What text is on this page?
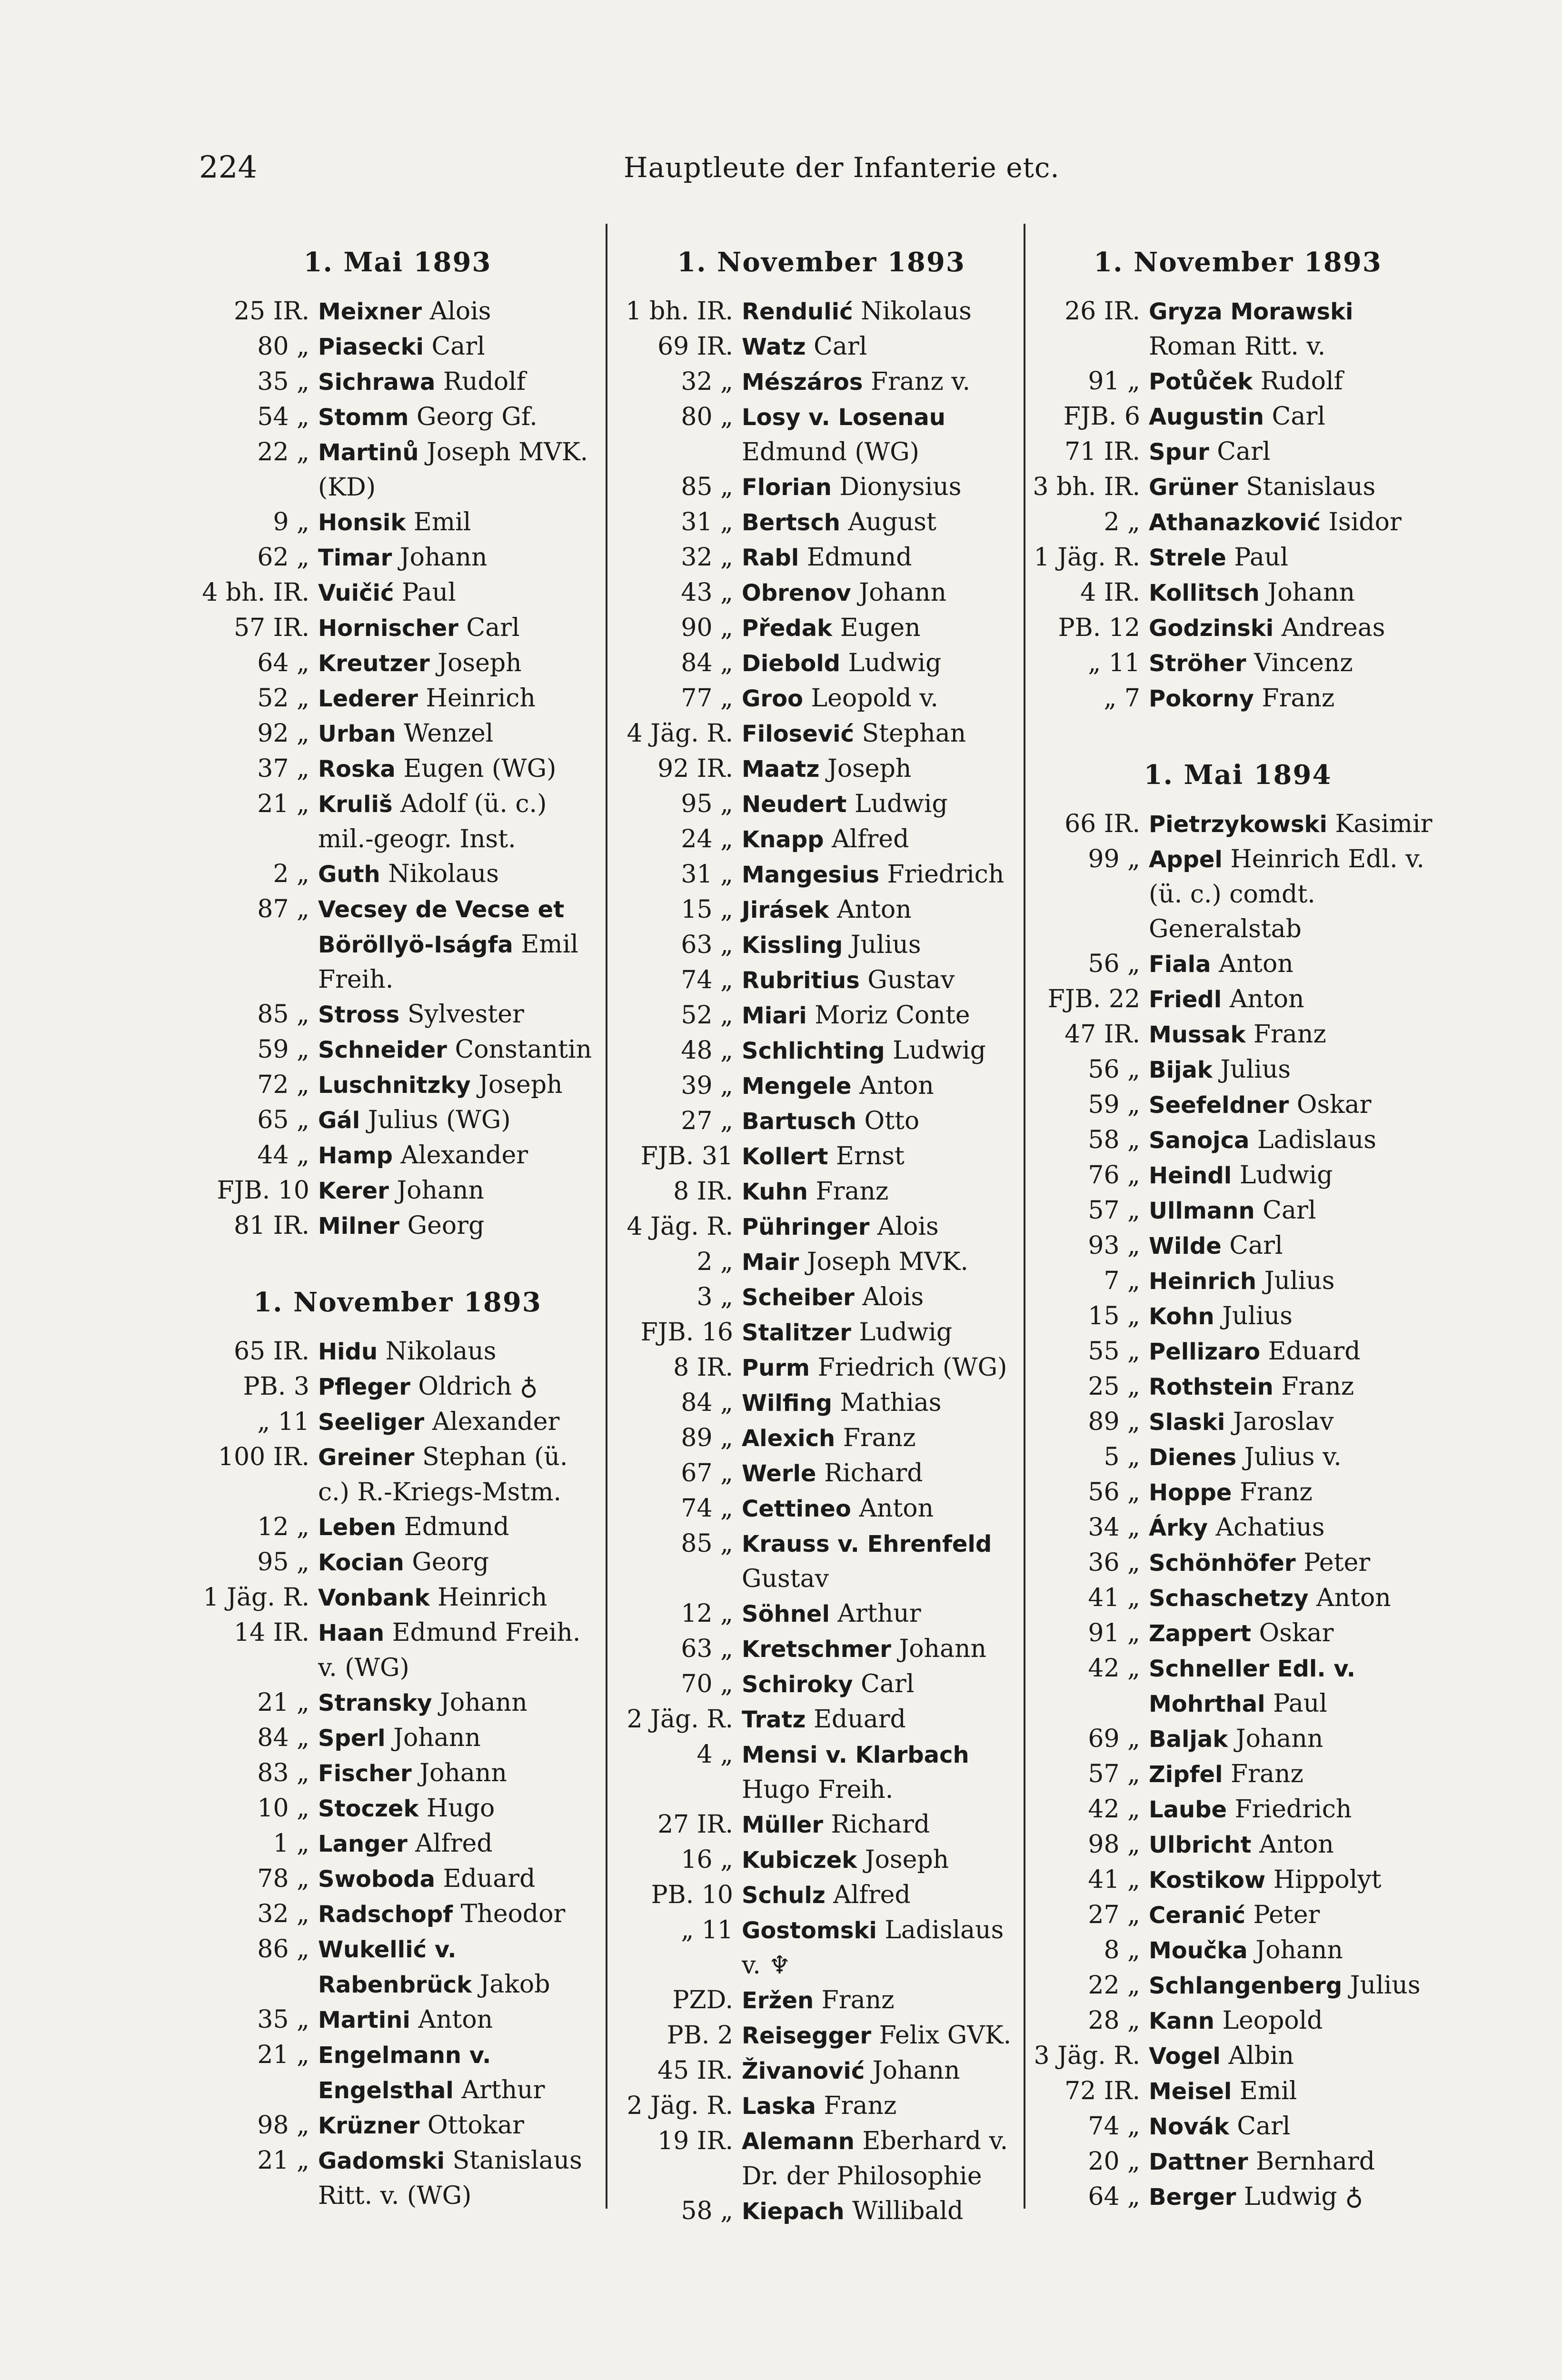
224	Hauptleute der Infanterie etc.
1. Mai 1893
25 IR. Meixner Alois
80 „ Piasecki Carl
35 „ Sichrawa Rudolf
54 „ Stomm Georg Gf.
22 „ Martinů Joseph MVK. (KD)
9 „ Honsik Emil
62 „ Timar Johann
4 bh. IR. Vuičić Paul
57 IR. Hornischer Carl
64 „ Kreutzer Joseph
52 „ Lederer Heinrich
92 „ Urban Wenzel
37 „ Roska Eugen (WG)
21 „ Kruliš Adolf (ü. c.) mil.-geogr. Inst.
2 „ Guth Nikolaus
87 „ Vecsey de Vecse et Böröllyö-Iságfa Emil Freih.
85 „ Stross Sylvester
59 „ Schneider Constantin
72 „ Luschnitzky Joseph
65 „ Gál Julius (WG)
44 „ Hamp Alexander
FJB. 10 Kerer Johann
81 IR. Milner Georg
1. November 1893
65 IR. Hidu Nikolaus
PB. 3 Pfleger Oldrich ♁
„ 11 Seeliger Alexander
100 IR. Greiner Stephan (ü. c.) R.-Kriegs-Mstm.
12 „ Leben Edmund
95 „ Kocian Georg
1 Jäg. R. Vonbank Heinrich
14 IR. Haan Edmund Freih. v. (WG)
21 „ Stransky Johann
84 „ Sperl Johann
83 „ Fischer Johann
10 „ Stoczek Hugo
1 „ Langer Alfred
78 „ Swoboda Eduard
32 „ Radschopf Theodor
86 „ Wukellić v. Rabenbrück Jakob
35 „ Martini Anton
21 „ Engelmann v. Engelsthal Arthur
98 „ Krüzner Ottokar
21 „ Gadomski Stanislaus Ritt. v. (WG)
1. November 1893
1 bh. IR. Rendulić Nikolaus
69 IR. Watz Carl
32 „ Mészáros Franz v.
80 „ Losy v. Losenau Edmund (WG)
85 „ Florian Dionysius
31 „ Bertsch August
32 „ Rabl Edmund
43 „ Obrenov Johann
90 „ Předak Eugen
84 „ Diebold Ludwig
77 „ Groo Leopold v.
4 Jäg. R. Filosević Stephan
92 IR. Maatz Joseph
95 „ Neudert Ludwig
24 „ Knapp Alfred
31 „ Mangesius Friedrich
15 „ Jirásek Anton
63 „ Kissling Julius
74 „ Rubritius Gustav
52 „ Miari Moriz Conte
48 „ Schlichting Ludwig
39 „ Mengele Anton
27 „ Bartusch Otto
FJB. 31 Kollert Ernst
8 IR. Kuhn Franz
4 Jäg. R. Pühringer Alois
2 „ Mair Joseph MVK.
3 „ Scheiber Alois
FJB. 16 Stalitzer Ludwig
8 IR. Purm Friedrich (WG)
84 „ Wilfing Mathias
89 „ Alexich Franz
67 „ Werle Richard
74 „ Cettineo Anton
85 „ Krauss v. Ehrenfeld Gustav
12 „ Söhnel Arthur
63 „ Kretschmer Johann
70 „ Schiroky Carl
2 Jäg. R. Tratz Eduard
4 „ Mensi v. Klarbach Hugo Freih.
27 IR. Müller Richard
16 „ Kubiczek Joseph
PB. 10 Schulz Alfred
„ 11 Gostomski Ladislaus v. ♆
PZD. Eržen Franz
PB. 2 Reisegger Felix GVK.
45 IR. Živanović Johann
2 Jäg. R. Laska Franz
19 IR. Alemann Eberhard v. Dr. der Philosophie
58 „ Kiepach Willibald
1. November 1893
26 IR. Gryza Morawski Roman Ritt. v.
91 „ Potůček Rudolf
FJB. 6 Augustin Carl
71 IR. Spur Carl
3 bh. IR. Grüner Stanislaus
2 „ Athanazković Isidor
1 Jäg. R. Strele Paul
4 IR. Kollitsch Johann
PB. 12 Godzinski Andreas
„ 11 Ströher Vincenz
„ 7 Pokorny Franz
1. Mai 1894
66 IR. Pietrzykowski Kasimir
99 „ Appel Heinrich Edl. v. (ü. c.) comdt. Generalstab
56 „ Fiala Anton
FJB. 22 Friedl Anton
47 IR. Mussak Franz
56 „ Bijak Julius
59 „ Seefeldner Oskar
58 „ Sanojca Ladislaus
76 „ Heindl Ludwig
57 „ Ullmann Carl
93 „ Wilde Carl
7 „ Heinrich Julius
15 „ Kohn Julius
55 „ Pellizaro Eduard
25 „ Rothstein Franz
89 „ Slaski Jaroslav
5 „ Dienes Julius v.
56 „ Hoppe Franz
34 „ Árky Achatius
36 „ Schönhöfer Peter
41 „ Schaschetzy Anton
91 „ Zappert Oskar
42 „ Schneller Edl. v. Mohrthal Paul
69 „ Baljak Johann
57 „ Zipfel Franz
42 „ Laube Friedrich
98 „ Ulbricht Anton
41 „ Kostikow Hippolyt
27 „ Ceranić Peter
8 „ Moučka Johann
22 „ Schlangenberg Julius
28 „ Kann Leopold
3 Jäg. R. Vogel Albin
72 IR. Meisel Emil
74 „ Novák Carl
20 „ Dattner Bernhard
64 „ Berger Ludwig ♁
